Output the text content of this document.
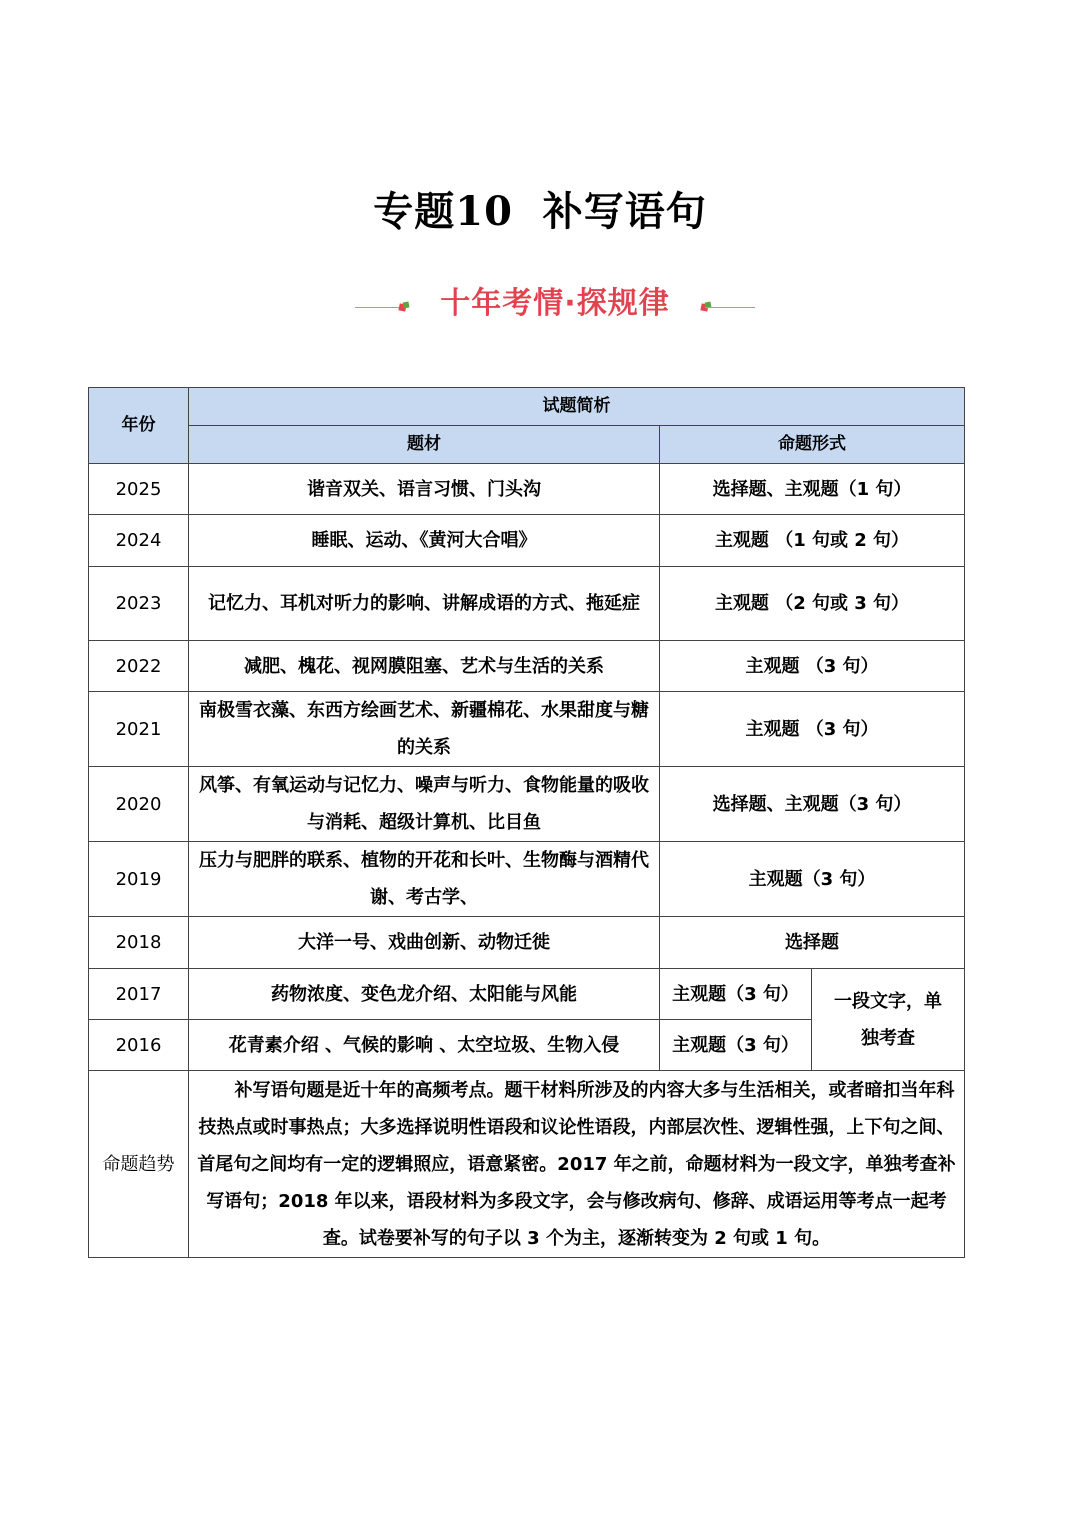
专题10 补写语句
十年考情·探规律
年份	试题简析		
	题材	命题形式	
2025	谐音双关、语言习惯、门头沟	选择题、主观题（1 句）	
2024	睡眠、运动、《黄河大合唱》	主观题 （1 句或 2 句）	
2023	记忆力、耳机对听力的影响、讲解成语的方式、拖延症	主观题 （2 句或 3 句）	
2022	减肥、槐花、视网膜阻塞、艺术与生活的关系	主观题 （3 句）	
2021	南极雪衣藻、东西方绘画艺术、新疆棉花、水果甜度与糖的关系	主观题 （3 句）	
2020	风筝、有氧运动与记忆力、噪声与听力、食物能量的吸收与消耗、超级计算机、比目鱼	选择题、主观题（3 句）	
2019	压力与肥胖的联系、植物的开花和长叶、生物酶与酒精代谢、考古学、	主观题（3 句）	
2018	大洋一号、戏曲创新、动物迁徙	选择题	
2017	药物浓度、变色龙介绍、太阳能与风能	主观题（3 句）	一段文字，单独考查
2016	花青素介绍 、气候的影响 、太空垃圾、生物入侵	主观题（3 句）	
命题趋势	补写语句题是近十年的高频考点。题干材料所涉及的内容大多与生活相关，或者暗扣当年科技热点或时事热点；大多选择说明性语段和议论性语段，内部层次性、逻辑性强，上下句之间、首尾句之间均有一定的逻辑照应，语意紧密。2017 年之前，命题材料为一段文字，单独考查补写语句；2018 年以来，语段材料为多段文字，会与修改病句、修辞、成语运用等考点一起考查。试卷要补写的句子以 3 个为主，逐渐转变为 2 句或 1 句。		
